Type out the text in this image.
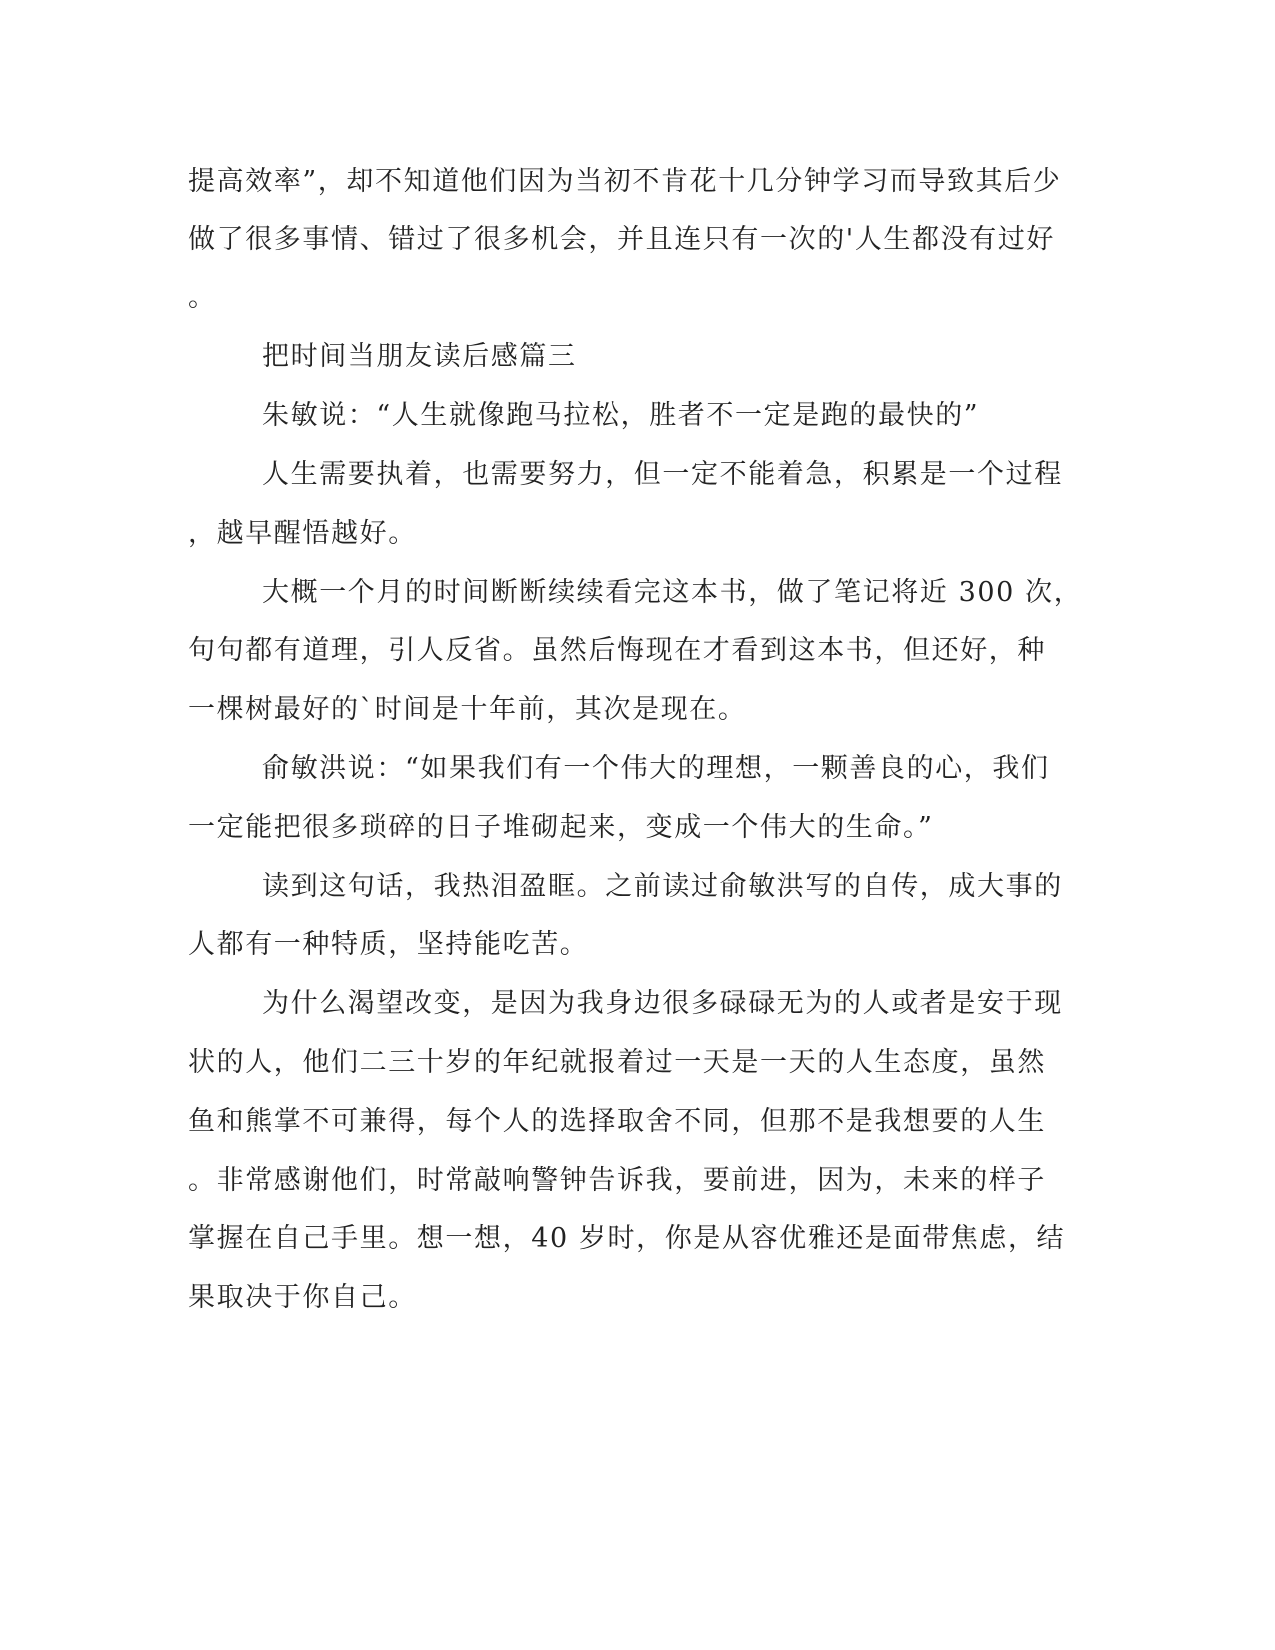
提高效率”，却不知道他们因为当初不肯花十几分钟学习而导致其后少
做了很多事情、错过了很多机会，并且连只有一次的'人生都没有过好
。
把时间当朋友读后感篇三
朱敏说：“人生就像跑马拉松，胜者不一定是跑的最快的”
人生需要执着，也需要努力，但一定不能着急，积累是一个过程
，越早醒悟越好。
大概一个月的时间断断续续看完这本书，做了笔记将近 300 次，
句句都有道理，引人反省。虽然后悔现在才看到这本书，但还好，种
一棵树最好的`时间是十年前，其次是现在。
俞敏洪说：“如果我们有一个伟大的理想，一颗善良的心，我们
一定能把很多琐碎的日子堆砌起来，变成一个伟大的生命。”
读到这句话，我热泪盈眶。之前读过俞敏洪写的自传，成大事的
人都有一种特质，坚持能吃苦。
为什么渴望改变，是因为我身边很多碌碌无为的人或者是安于现
状的人，他们二三十岁的年纪就报着过一天是一天的人生态度，虽然
鱼和熊掌不可兼得，每个人的选择取舍不同，但那不是我想要的人生
。非常感谢他们，时常敲响警钟告诉我，要前进，因为，未来的样子
掌握在自己手里。想一想，40 岁时，你是从容优雅还是面带焦虑，结
果取决于你自己。
